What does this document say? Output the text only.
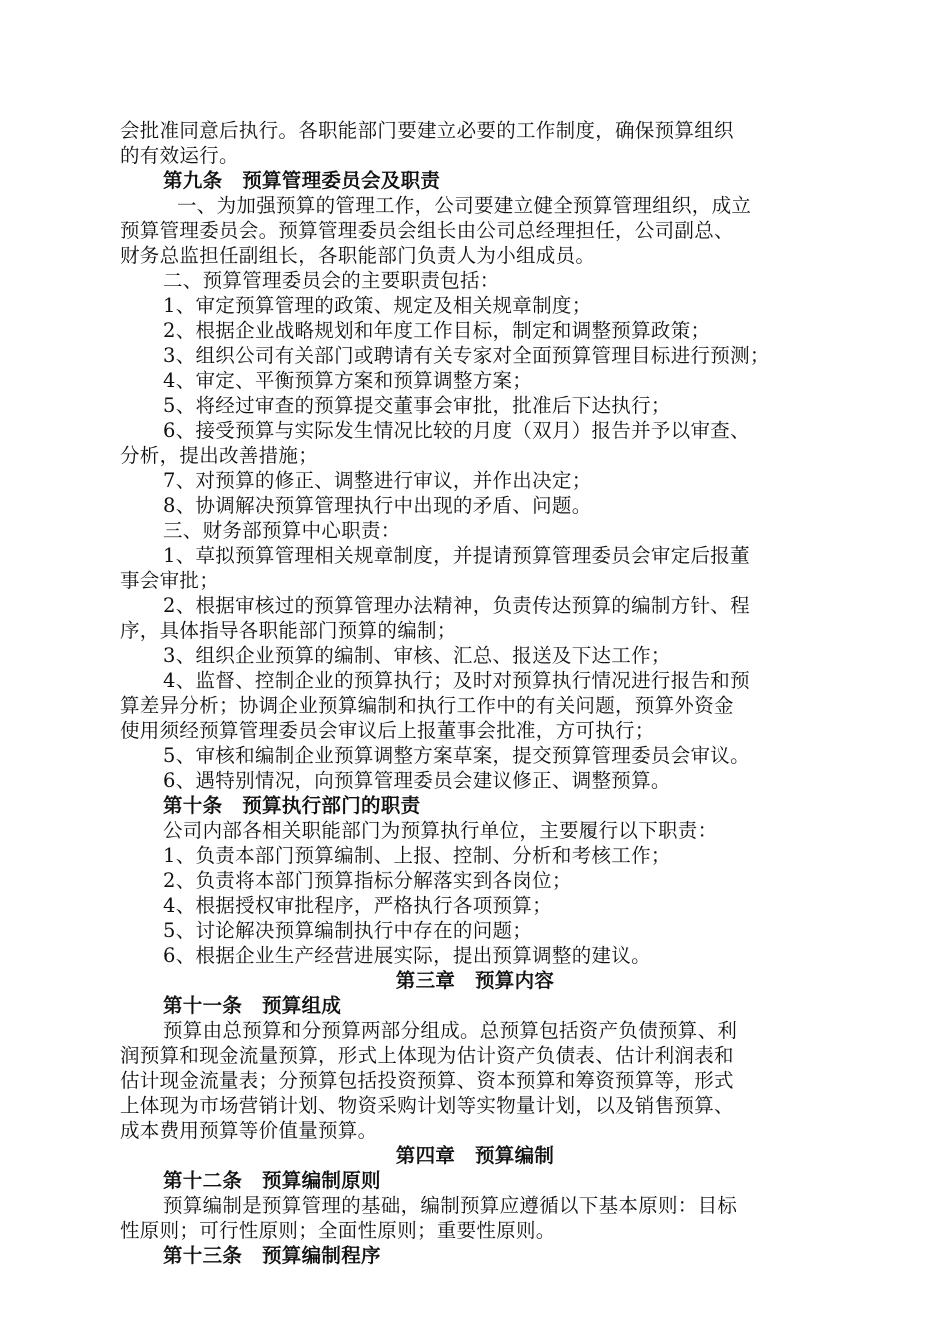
会批准同意后执行。各职能部门要建立必要的工作制度，确保预算组织
的有效运行。
第九条　预算管理委员会及职责
一、为加强预算的管理工作，公司要建立健全预算管理组织，成立
预算管理委员会。预算管理委员会组长由公司总经理担任，公司副总、
财务总监担任副组长，各职能部门负责人为小组成员。
二、预算管理委员会的主要职责包括：
1、审定预算管理的政策、规定及相关规章制度；
2、根据企业战略规划和年度工作目标，制定和调整预算政策；
3、组织公司有关部门或聘请有关专家对全面预算管理目标进行预测；
4、审定、平衡预算方案和预算调整方案；
5、将经过审查的预算提交董事会审批，批准后下达执行；
6、接受预算与实际发生情况比较的月度（双月）报告并予以审查、
分析，提出改善措施；
7、对预算的修正、调整进行审议，并作出决定；
8、协调解决预算管理执行中出现的矛盾、问题。
三、财务部预算中心职责：
1、草拟预算管理相关规章制度，并提请预算管理委员会审定后报董
事会审批；
2、根据审核过的预算管理办法精神，负责传达预算的编制方针、程
序，具体指导各职能部门预算的编制；
3、组织企业预算的编制、审核、汇总、报送及下达工作；
4、监督、控制企业的预算执行；及时对预算执行情况进行报告和预
算差异分析；协调企业预算编制和执行工作中的有关问题，预算外资金
使用须经预算管理委员会审议后上报董事会批准，方可执行；
5、审核和编制企业预算调整方案草案，提交预算管理委员会审议。
6、遇特别情况，向预算管理委员会建议修正、调整预算。
第十条　预算执行部门的职责
公司内部各相关职能部门为预算执行单位，主要履行以下职责：
1、负责本部门预算编制、上报、控制、分析和考核工作；
2、负责将本部门预算指标分解落实到各岗位；
4、根据授权审批程序，严格执行各项预算；
5、讨论解决预算编制执行中存在的问题；
6、根据企业生产经营进展实际，提出预算调整的建议。
第三章　预算内容
第十一条　预算组成
预算由总预算和分预算两部分组成。总预算包括资产负债预算、利
润预算和现金流量预算，形式上体现为估计资产负债表、估计利润表和
估计现金流量表；分预算包括投资预算、资本预算和筹资预算等，形式
上体现为市场营销计划、物资采购计划等实物量计划，以及销售预算、
成本费用预算等价值量预算。
第四章　预算编制
第十二条　预算编制原则
预算编制是预算管理的基础，编制预算应遵循以下基本原则：目标
性原则；可行性原则；全面性原则；重要性原则。
第十三条　预算编制程序
